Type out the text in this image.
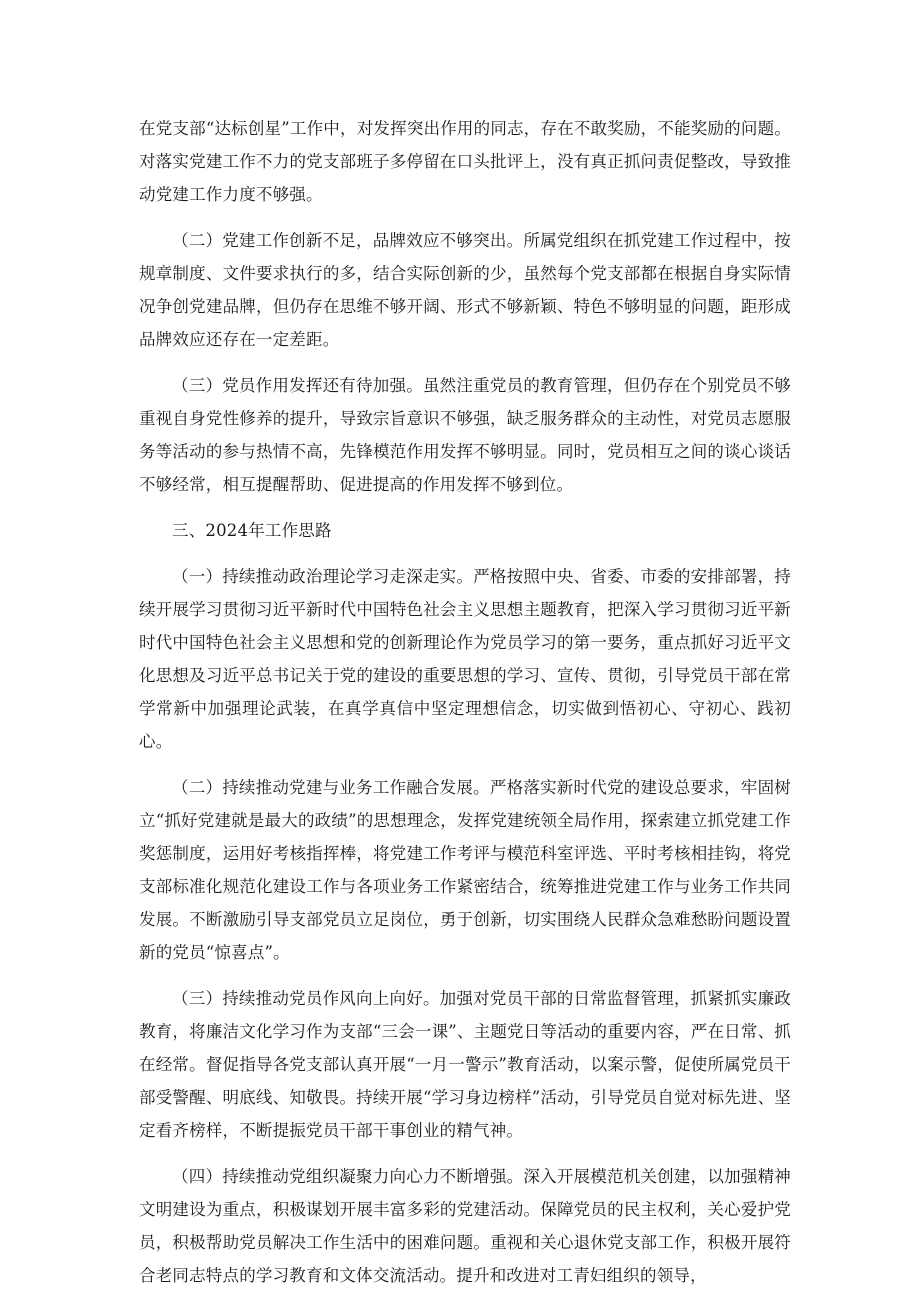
在党支部“达标创星”工作中，对发挥突出作用的同志，存在不敢奖励，不能奖励的问题。对落实党建工作不力的党支部班子多停留在口头批评上，没有真正抓问责促整改，导致推动党建工作力度不够强。

（二）党建工作创新不足，品牌效应不够突出。所属党组织在抓党建工作过程中，按规章制度、文件要求执行的多，结合实际创新的少，虽然每个党支部都在根据自身实际情况争创党建品牌，但仍存在思维不够开阔、形式不够新颖、特色不够明显的问题，距形成品牌效应还存在一定差距。

（三）党员作用发挥还有待加强。虽然注重党员的教育管理，但仍存在个别党员不够重视自身党性修养的提升，导致宗旨意识不够强，缺乏服务群众的主动性，对党员志愿服务等活动的参与热情不高，先锋模范作用发挥不够明显。同时，党员相互之间的谈心谈话不够经常，相互提醒帮助、促进提高的作用发挥不够到位。

三、2024年工作思路

（一）持续推动政治理论学习走深走实。严格按照中央、省委、市委的安排部署，持续开展学习贯彻习近平新时代中国特色社会主义思想主题教育，把深入学习贯彻习近平新时代中国特色社会主义思想和党的创新理论作为党员学习的第一要务，重点抓好习近平文化思想及习近平总书记关于党的建设的重要思想的学习、宣传、贯彻，引导党员干部在常学常新中加强理论武装，在真学真信中坚定理想信念，切实做到悟初心、守初心、践初心。

（二）持续推动党建与业务工作融合发展。严格落实新时代党的建设总要求，牢固树立“抓好党建就是最大的政绩”的思想理念，发挥党建统领全局作用，探索建立抓党建工作奖惩制度，运用好考核指挥棒，将党建工作考评与模范科室评选、平时考核相挂钩，将党支部标准化规范化建设工作与各项业务工作紧密结合，统筹推进党建工作与业务工作共同发展。不断激励引导支部党员立足岗位，勇于创新，切实围绕人民群众急难愁盼问题设置新的党员“惊喜点”。

（三）持续推动党员作风向上向好。加强对党员干部的日常监督管理，抓紧抓实廉政教育，将廉洁文化学习作为支部“三会一课”、主题党日等活动的重要内容，严在日常、抓在经常。督促指导各党支部认真开展“一月一警示”教育活动，以案示警，促使所属党员干部受警醒、明底线、知敬畏。持续开展“学习身边榜样”活动，引导党员自觉对标先进、坚定看齐榜样，不断提振党员干部干事创业的精气神。

（四）持续推动党组织凝聚力向心力不断增强。深入开展模范机关创建，以加强精神文明建设为重点，积极谋划开展丰富多彩的党建活动。保障党员的民主权利，关心爱护党员，积极帮助党员解决工作生活中的困难问题。重视和关心退休党支部工作，积极开展符合老同志特点的学习教育和文体交流活动。提升和改进对工青妇组织的领导，
